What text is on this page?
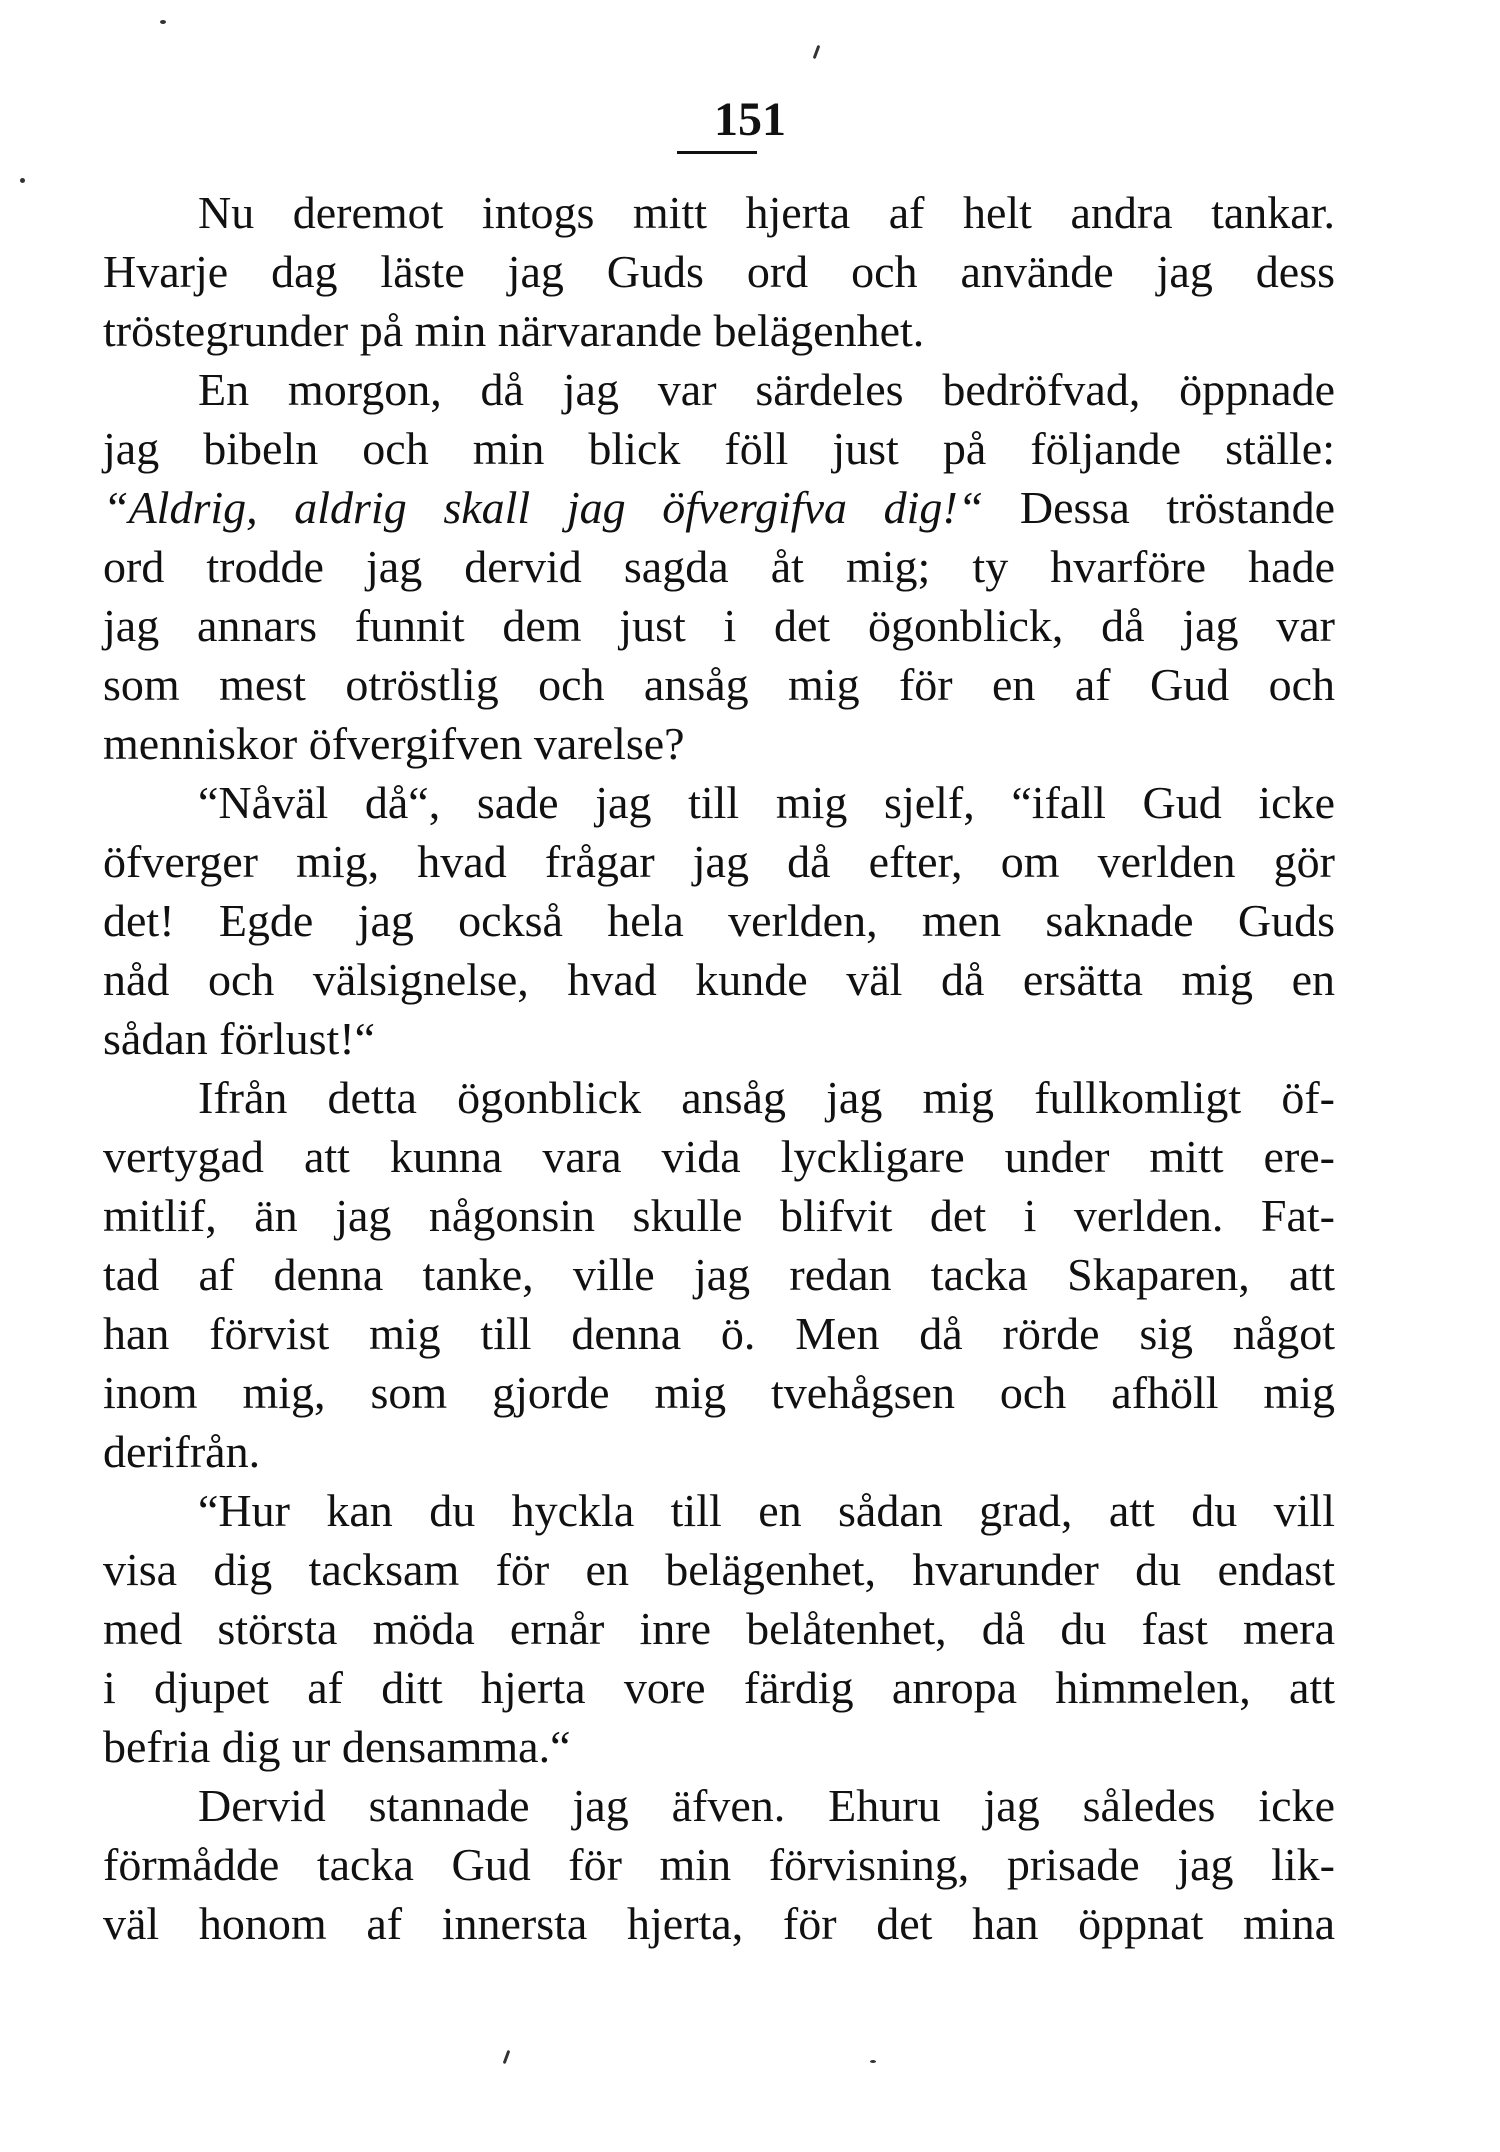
151
Nu deremot intogs mitt hjerta af helt andra tankar.
Hvarje dag läste jag Guds ord och använde jag dess
tröstegrunder på min närvarande belägenhet.
En morgon, då jag var särdeles bedröfvad, öppnade
jag bibeln och min blick föll just på följande ställe:
“Aldrig, aldrig skall jag öfvergifva dig!“ Dessa tröstande
ord trodde jag dervid sagda åt mig; ty hvarföre hade
jag annars funnit dem just i det ögonblick, då jag var
som mest otröstlig och ansåg mig för en af Gud och
menniskor öfvergifven varelse?
“Nåväl då“, sade jag till mig sjelf, “ifall Gud icke
öfverger mig, hvad frågar jag då efter, om verlden gör
det! Egde jag också hela verlden, men saknade Guds
nåd och välsignelse, hvad kunde väl då ersätta mig en
sådan förlust!“
Ifrån detta ögonblick ansåg jag mig fullkomligt öf-
vertygad att kunna vara vida lyckligare under mitt ere-
mitlif, än jag någonsin skulle blifvit det i verlden. Fat-
tad af denna tanke, ville jag redan tacka Skaparen, att
han förvist mig till denna ö. Men då rörde sig något
inom mig, som gjorde mig tvehågsen och afhöll mig
derifrån.
“Hur kan du hyckla till en sådan grad, att du vill
visa dig tacksam för en belägenhet, hvarunder du endast
med största möda ernår inre belåtenhet, då du fast mera
i djupet af ditt hjerta vore färdig anropa himmelen, att
befria dig ur densamma.“
Dervid stannade jag äfven. Ehuru jag således icke
förmådde tacka Gud för min förvisning, prisade jag lik-
väl honom af innersta hjerta, för det han öppnat mina
